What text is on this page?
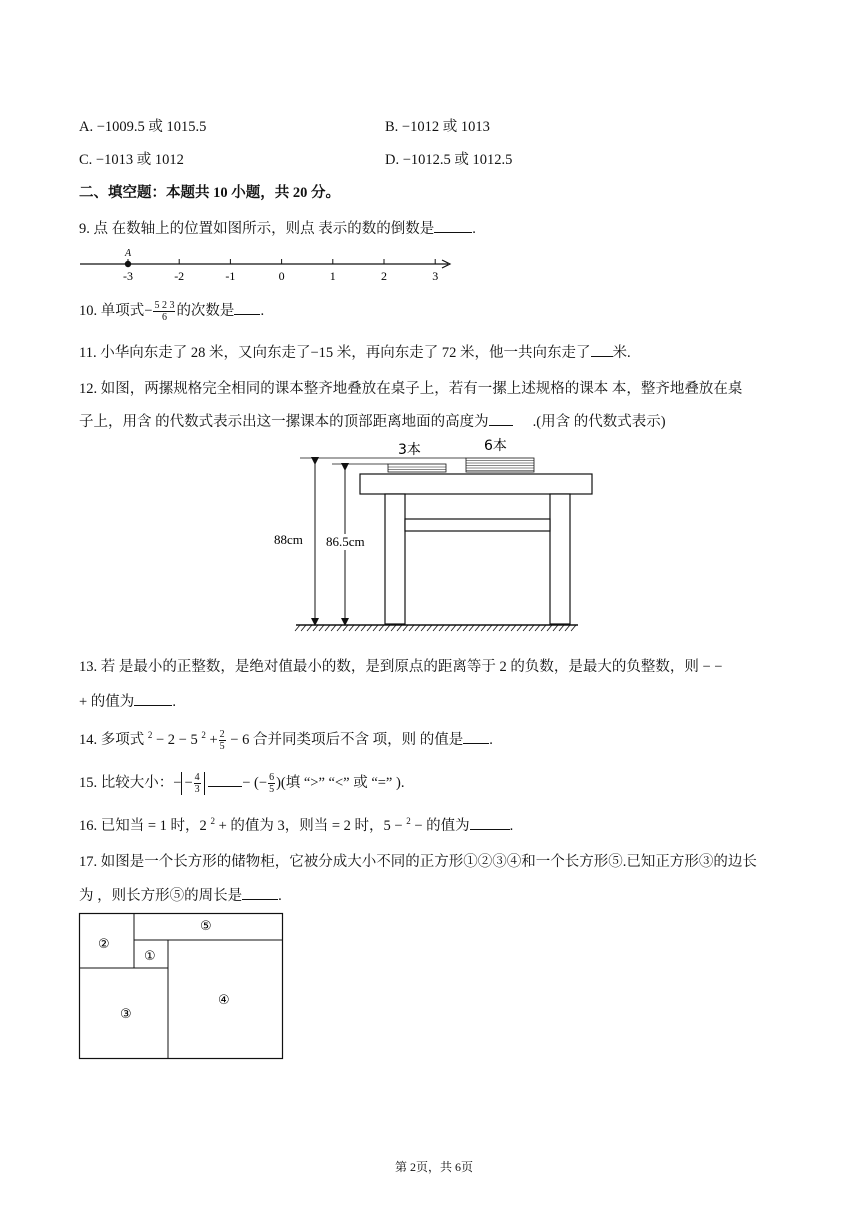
A. −1009.5 或 1015.5	B. −1012 或 1013
C. −1013 或 1012	D. −1012.5 或 1012.5
二、填空题：本题共 10 小题，共 20 分。
9. 点 在数轴上的位置如图所示，则点 表示的数的倒数是	.
-3	-2	-1	0	1	2	3
A
10. 单项式− $\frac{5 2 3}{6}$ 的次数是 .
11. 小华向东走了 28 米，又向东走了−15 米，再向东走了 72 米，他一共向东走了 米.
12. 如图，两摞规格完全相同的课本整齐地叠放在桌子上，若有一摞上述规格的课本 本，整齐地叠放在桌
子上，用含 的代数式表示出这一摞课本的顶部距离地面的高度为	.(用含 的代数式表示)
3本	6本
88cm 86.5cm
13. 若 是最小的正整数，是绝对值最小的数，是到原点的距离等于 2 的负数，是最大的负整数，则 − −
+ 的值为	.
14. 多项式 $^2$ − 2 − 5 $^2 + \frac{2}{5} - 6$ 合并同类项后不含 项，则 的值是 .
15. 比较大小：− − $\frac{4}{3}$	− (− $\frac{6}{5}$ )(填 “>” “<” 或 “=” ).
16. 已知当 = 1 时，2 $^2$ + 的值为 3，则当 = 2 时，5 − $^2$ − 的值为	.
17. 如图是一个长方形的储物柜，它被分成大小不同的正方形①②③④和一个长方形⑤.已知正方形③的边长
为 ，则长方形⑤的周长是 .
①
②
③
④
⑤
第 2页，共 6页
